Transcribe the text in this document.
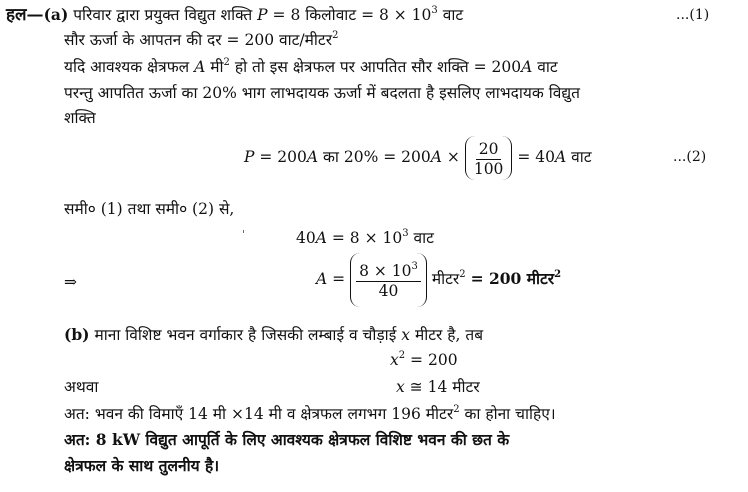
हल—(a) परिवार द्वारा प्रयुक्त विद्युत शक्ति P = 8 किलोवाट = $8 \times 10^3$ वाट	...(1)
सौर ऊर्जा के आपतन की दर = 200 वाट/मीटर$^2$
यदि आवश्यक क्षेत्रफल A मी$^2$ हो तो इस क्षेत्रफल पर आपतित सौर शक्ति = 200A वाट
परन्तु आपतित ऊर्जा का 20% भाग लाभदायक ऊर्जा में बदलता है इसलिए लाभदायक विद्युत
शक्ति
P = 200A का $20\% = 200A \times \frac{20}{100} = 40A$ वाट	...(2)
समी० (1) तथा समी० (2) से,
'	$40A = 8 \times 10^3$ वाट
⇒	$A = \frac{8 \times 10^3}{40}$ मीटर$^2$ = 200 मीटर$^2$
(b) माना विशिष्ट भवन वर्गाकार है जिसकी लम्बाई व चौड़ाई x मीटर है, तब
$x^2 = 200$
अथवा	x ≅ 14 मीटर
अत: भवन की विमाएँ 14 मी ×14 मी व क्षेत्रफल लगभग 196 मीटर$^2$ का होना चाहिए।
अत: 8 kW विद्युत आपूर्ति के लिए आवश्यक क्षेत्रफल विशिष्ट भवन की छत के
क्षेत्रफल के साथ तुलनीय है।
